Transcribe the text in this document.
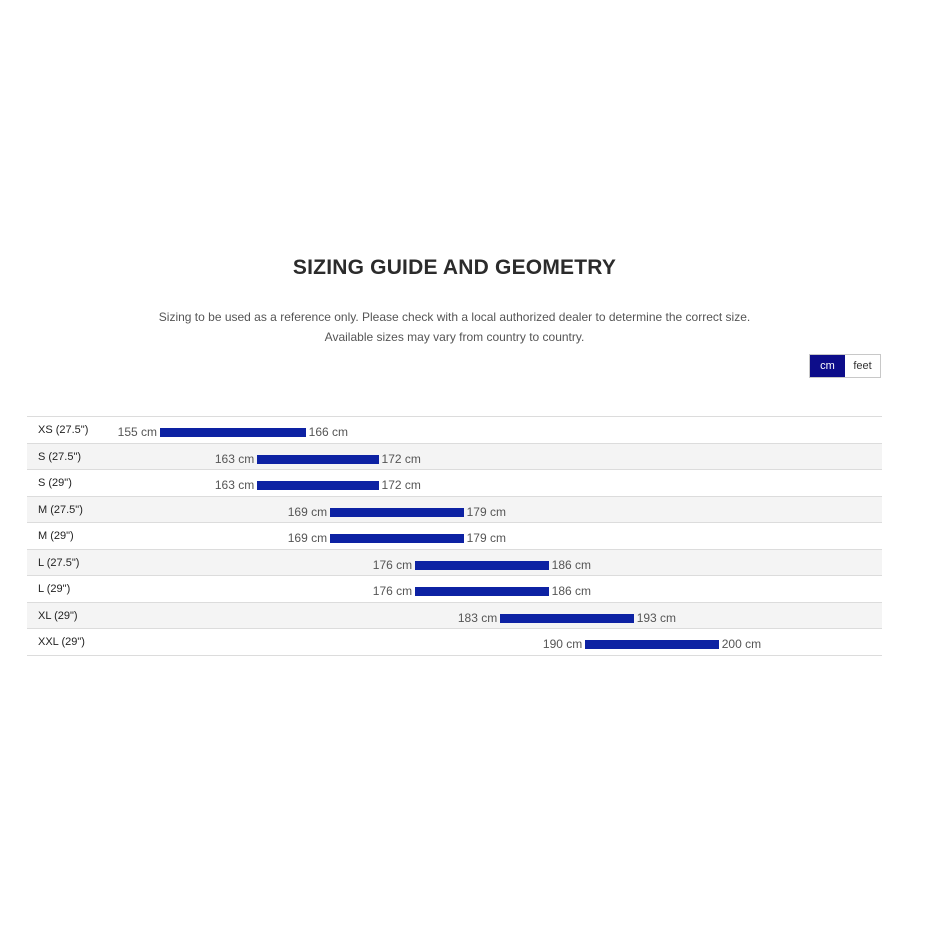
SIZING GUIDE AND GEOMETRY
Sizing to be used as a reference only. Please check with a local authorized dealer to determine the correct size.
Available sizes may vary from country to country.
cm	feet
XS (27.5") 155 cm	166 cm
S (27.5")	163 cm	172 cm
S (29")	163 cm	172 cm
M (27.5")	169 cm	179 cm
M (29")	169 cm	179 cm
L (27.5")	176 cm	186 cm
L (29")	176 cm	186 cm
XL (29")	183 cm	193 cm
XXL (29")	190 cm	200 cm
